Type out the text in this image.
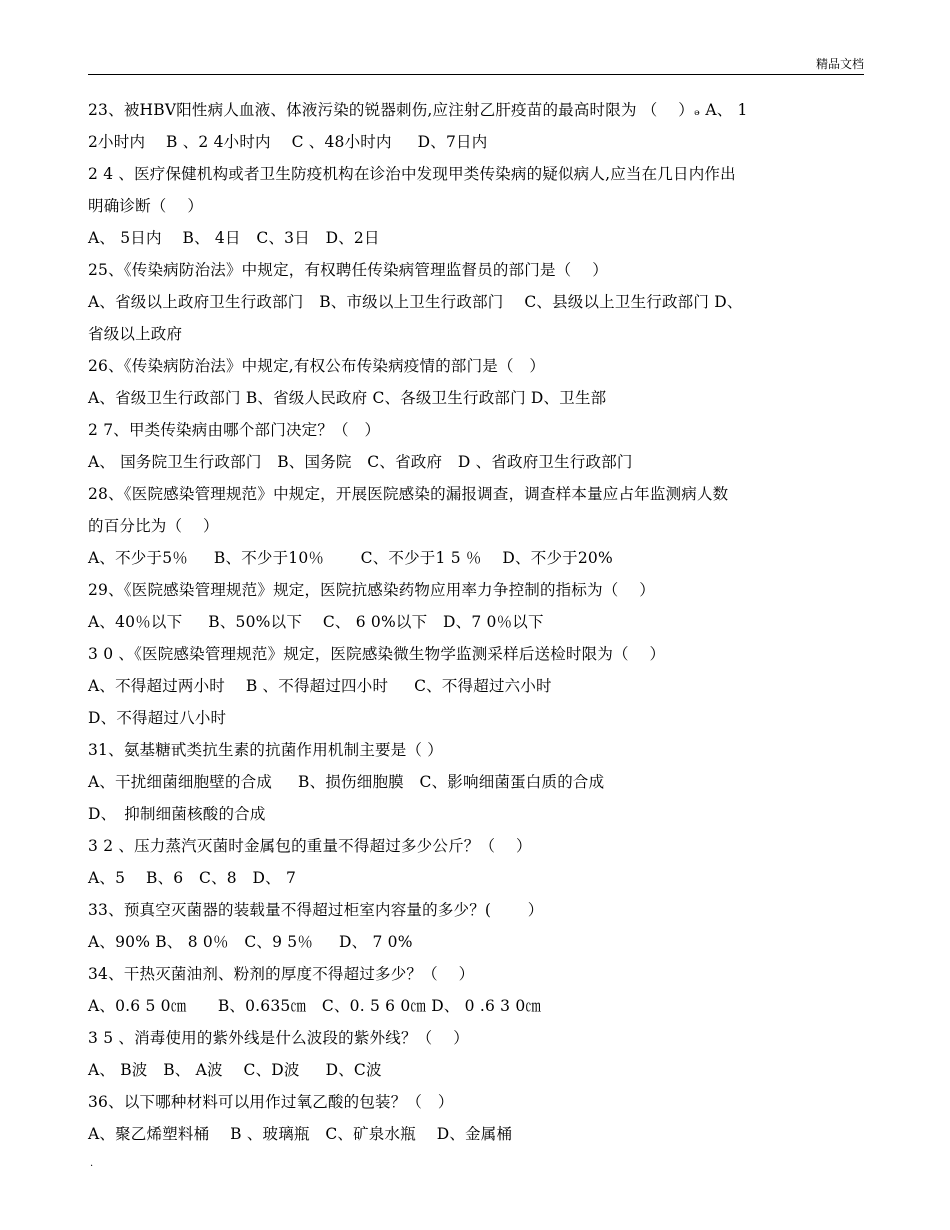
精品文档
23、被HBV阳性病人血液、体液污染的锐器刺伤,应注射乙肝疫苗的最高时限为 （　 ）ₔ A、 1
2小时内　 B 、2 4小时内 　C 、48小时内 　 D、7日内
2 4 、医疗保健机构或者卫生防疫机构在诊治中发现甲类传染病的疑似病人,应当在几日内作出
明确诊断（　 ）
A、 5日内 　B、 4日　C、3日　D、2日
25、《传染病防治法》中规定，有权聘任传染病管理监督员的部门是（　 ）
A、省级以上政府卫生行政部门　B、市级以上卫生行政部门　 C、县级以上卫生行政部门 D、
省级以上政府
26、《传染病防治法》中规定,有权公布传染病疫情的部门是（　）
A、省级卫生行政部门 B、省级人民政府 C、各级卫生行政部门 D、卫生部
2 7、甲类传染病由哪个部门决定？（　）
A、 国务院卫生行政部门　B、国务院　C、省政府　D 、省政府卫生行政部门
28、《医院感染管理规范》中规定，开展医院感染的漏报调查，调查样本量应占年监测病人数
的百分比为（　 ）
A、不少于5％ 　 B、不少于10％　　 C、不少于1 5 ％　 D、不少于20%
29、《医院感染管理规范》规定，医院抗感染药物应用率力争控制的指标为（　 ）
A、40％以下 　 B、50%以下　 C、 6 0%以下　D、7 0％以下
3 0 、《医院感染管理规范》规定，医院感染微生物学监测采样后送检时限为（　 ）
A、不得超过两小时　 B 、不得超过四小时 　 C、不得超过六小时
D、不得超过八小时
31、氨基糖甙类抗生素的抗菌作用机制主要是（ ）
A、干扰细菌细胞壁的合成 　 B、损伤细胞膜　C、影响细菌蛋白质的合成
D、　抑制细菌核酸的合成
3 2 、压力蒸汽灭菌时金属包的重量不得超过多少公斤？（　 ）
A、5　 B、6　C、8　D、 7
33、预真空灭菌器的装载量不得超过柜室内容量的多少？(　　 ）
A、90% B、 8 0％　C、9 5％ 　 D、 7 0%
34、干热灭菌油剂、粉剂的厚度不得超过多少？（　 ）
A、0.6 5 0㎝　　B、0.635㎝　C、0. 5 6 0㎝ D、 0 .6 3 0㎝
3 5 、消毒使用的紫外线是什么波段的紫外线？（　 ）
A、 B波　B、 A波 　C、D波 　 D、C波
36、以下哪种材料可以用作过氧乙酸的包装？（　）
A、聚乙烯塑料桶　 B 、玻璃瓶　C、矿泉水瓶　 D、金属桶
.
